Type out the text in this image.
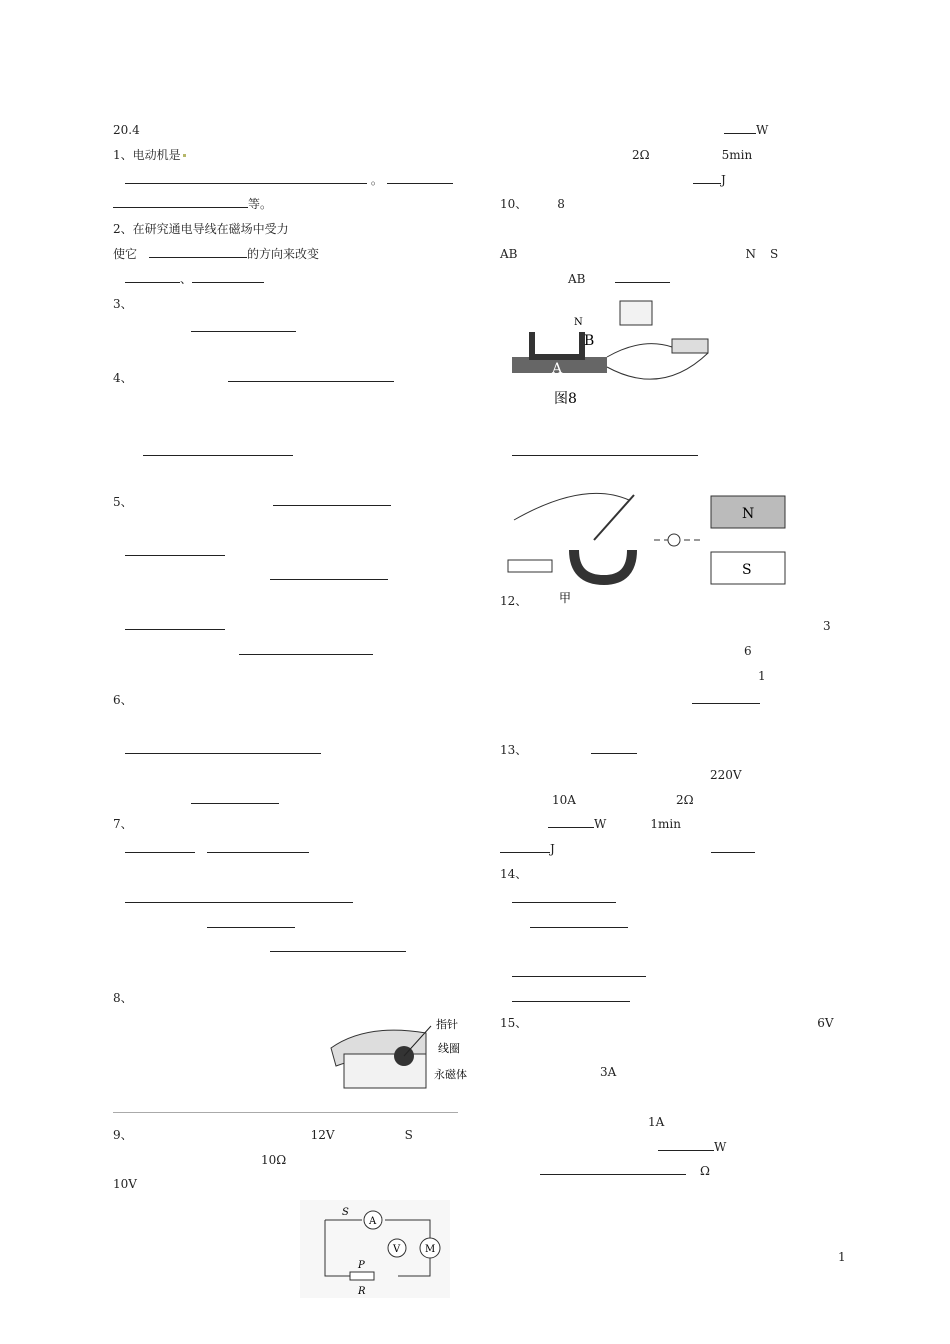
20.4
1、电动机是
　 。
等。
2、在研究通电导线在磁场中受力
使它　	的方向来改变
　、
3、
4、
5、

6、

7、

8、
9、	12V	S
10Ω
10V
W
2Ω	5min
J
10、	8
AB	N S
AB

12、
3
6
1
13、
220V
10A	2Ω
W	1min
J
14、

15、	6V
3A
1A
W
Ω
指针
线圈
永磁体
A
V M
S
P
R
N
B
A
图8
甲
N
S
1
